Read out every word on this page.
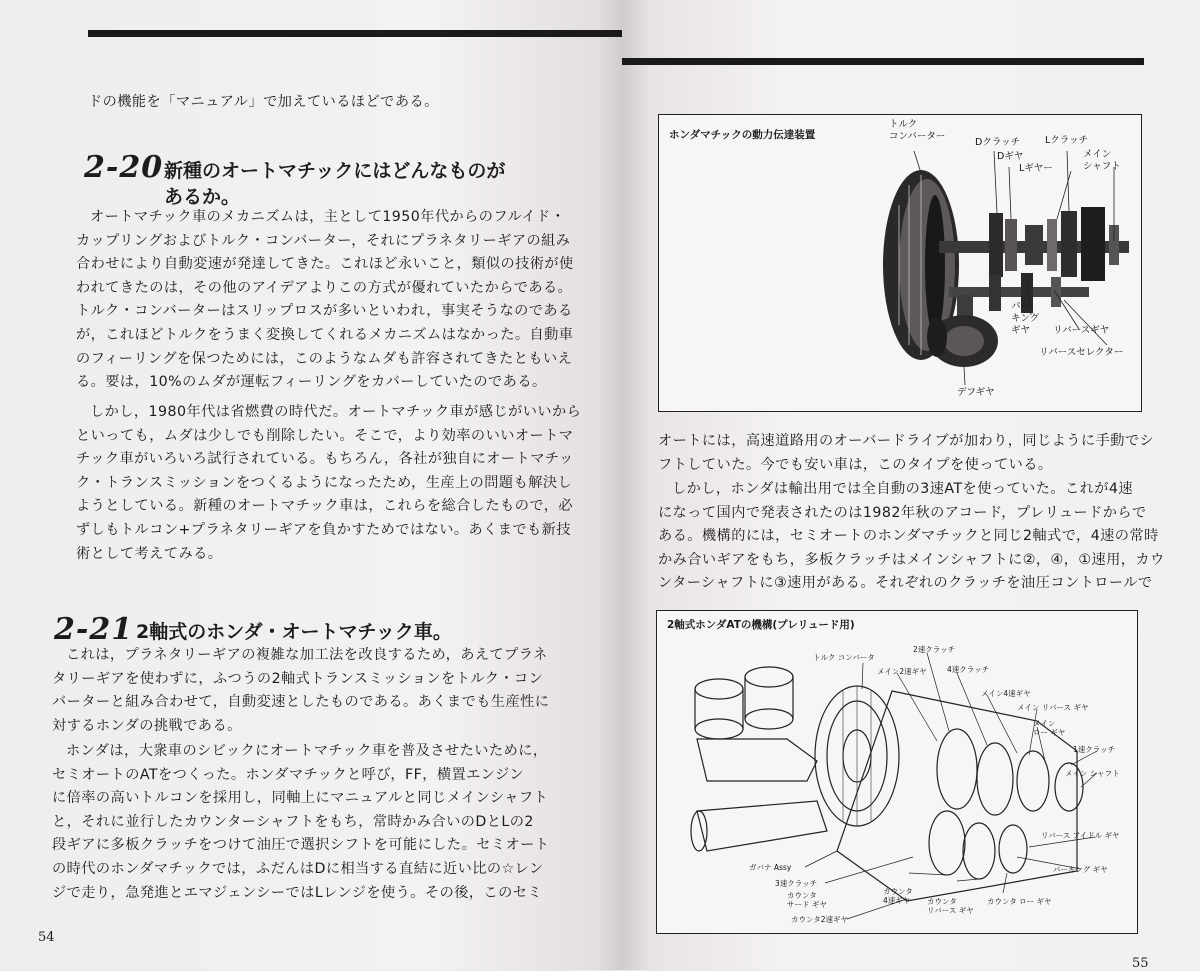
ドの機能を「マニュアル」で加えているほどである。
2-20 新種のオートマチックにはどんなものが
あるか。
オートマチック車のメカニズムは，主として1950年代からのフルイド・
カップリングおよびトルク・コンバーター，それにプラネタリーギアの組み
合わせにより自動変速が発達してきた。これほど永いこと，類似の技術が使
われてきたのは，その他のアイデアよりこの方式が優れていたからである。
トルク・コンバーターはスリップロスが多いといわれ，事実そうなのである
が，これほどトルクをうまく変換してくれるメカニズムはなかった。自動車
のフィーリングを保つためには，このようなムダも許容されてきたともいえ
る。要は，10%のムダが運転フィーリングをカバーしていたのである。
しかし，1980年代は省燃費の時代だ。オートマチック車が感じがいいから
といっても，ムダは少しでも削除したい。そこで，より効率のいいオートマ
チック車がいろいろ試行されている。もちろん，各社が独自にオートマチッ
ク・トランスミッションをつくるようになったため，生産上の問題も解決し
ようとしている。新種のオートマチック車は，これらを総合したもので，必
ずしもトルコン+プラネタリーギアを負かすためではない。あくまでも新技
術として考えてみる。
2-21 2軸式のホンダ・オートマチック車。
これは，プラネタリーギアの複雑な加工法を改良するため，あえてプラネ
タリーギアを使わずに，ふつうの2軸式トランスミッションをトルク・コン
バーターと組み合わせて，自動変速としたものである。あくまでも生産性に
対するホンダの挑戦である。
ホンダは，大衆車のシビックにオートマチック車を普及させたいために，
セミオートのATをつくった。ホンダマチックと呼び，FF，横置エンジン
に倍率の高いトルコンを採用し，同軸上にマニュアルと同じメインシャフト
と，それに並行したカウンターシャフトをもち，常時かみ合いのDとLの2
段ギアに多板クラッチをつけて油圧で選択シフトを可能にした。セミオート
の時代のホンダマチックでは，ふだんはDに相当する直結に近い比の☆レン
ジで走り，急発進とエマジェンシーではLレンジを使う。その後，このセミ
54
ホンダマチックの動力伝達装置
トルク
コンバーター
Dクラッチ
Dギヤ
Lクラッチ
Lギヤー
メイン
シャフト
パー
キング
ギヤ	リバースギヤ
リバースセレクター
デフギヤ
オートには，高速道路用のオーバードライブが加わり，同じように手動でシ
フトしていた。今でも安い車は，このタイプを使っている。
しかし，ホンダは輸出用では全自動の3速ATを使っていた。これが4速
になって国内で発表されたのは1982年秋のアコード，プレリュードからで
ある。機構的には，セミオートのホンダマチックと同じ2軸式で，4速の常時
かみ合いギアをもち，多板クラッチはメインシャフトに②，④，①速用，カウ
ンターシャフトに③速用がある。それぞれのクラッチを油圧コントロールで
2軸式ホンダATの機構(プレリュード用)
トルク コンバータ
2速クラッチ
メイン2速ギヤ	4速クラッチ
メイン4速ギヤ
メイン リバース ギヤ
メイン
ロー ギヤ
1速クラッチ
メイン シャフト
リバース アイドル ギヤ
パーキング ギヤ
ガバナ Assy
3速クラッチ
カウンタ
サード ギヤ
カウンタ2速ギヤ
カウンタ
4速ギヤ	カウンタ
リバース ギヤ
カウンタ ロー ギヤ
55
